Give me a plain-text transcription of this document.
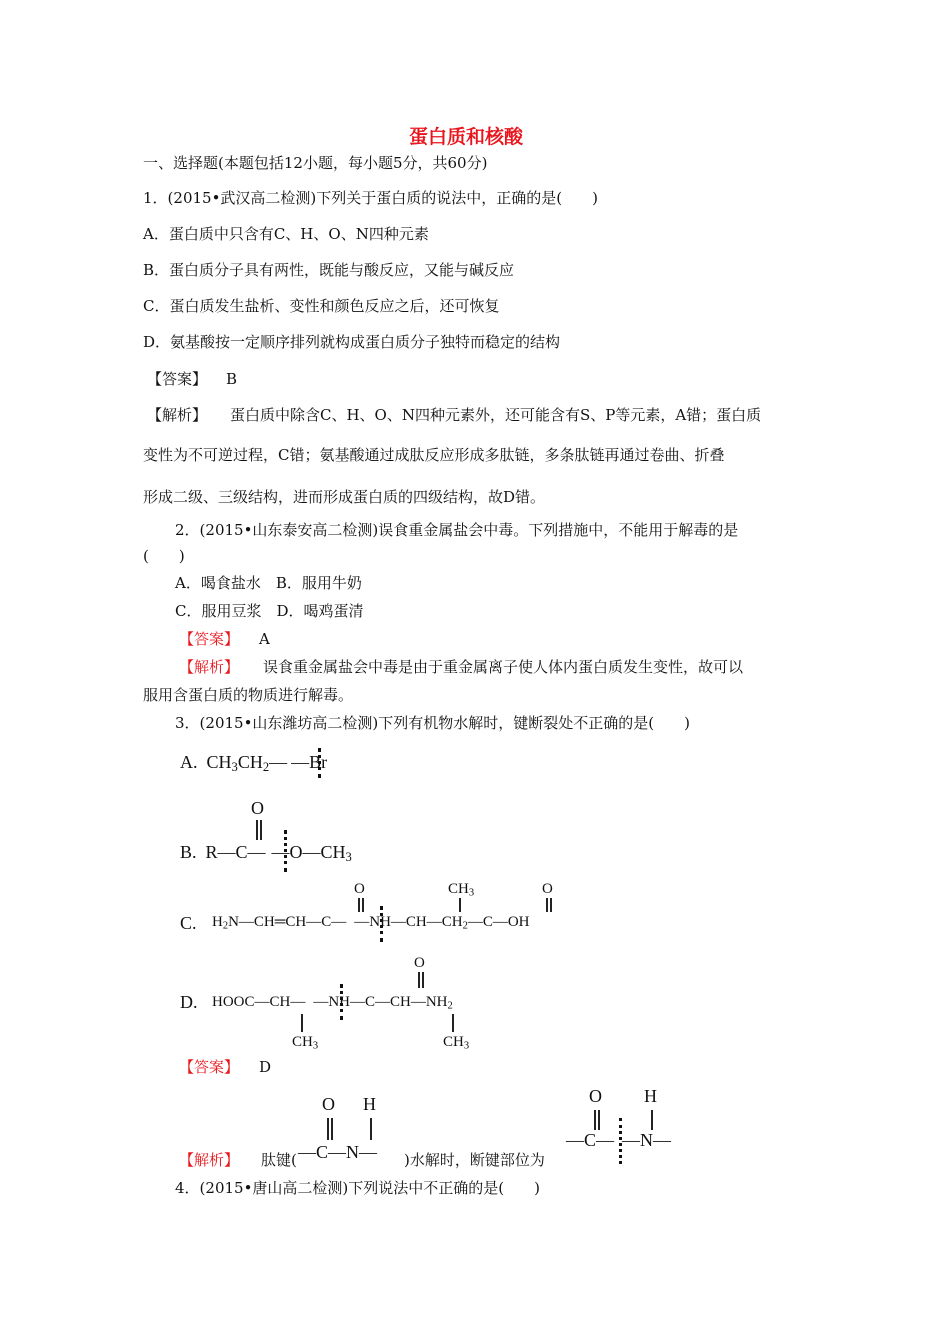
蛋白质和核酸
一、选择题(本题包括12小题，每小题5分，共60分)
1．(2015•武汉高二检测)下列关于蛋白质的说法中，正确的是(　　)
A．蛋白质中只含有C、H、O、N四种元素
B．蛋白质分子具有两性，既能与酸反应，又能与碱反应
C．蛋白质发生盐析、变性和颜色反应之后，还可恢复
D．氨基酸按一定顺序排列就构成蛋白质分子独特而稳定的结构
【答案】 B
【解析】 蛋白质中除含C、H、O、N四种元素外，还可能含有S、P等元素，A错；蛋白质
变性为不可逆过程，C错；氨基酸通过成肽反应形成多肽链，多条肽链再通过卷曲、折叠
形成二级、三级结构，进而形成蛋白质的四级结构，故D错。
2．(2015•山东泰安高二检测)误食重金属盐会中毒。下列措施中，不能用于解毒的是
(　　)
A．喝食盐水　B．服用牛奶
C．服用豆浆　D．喝鸡蛋清
【答案】 A
【解析】 误食重金属盐会中毒是由于重金属离子使人体内蛋白质发生变性，故可以
服用含蛋白质的物质进行解毒。
3．(2015•山东潍坊高二检测)下列有机物水解时，键断裂处不正确的是(　　)
A.  $CH_3CH_2—$ —Br
O
B.  R—C— $—O—CH_3$
O	$CH_3$	O
C. $H_2N—CH═CH—C—$ $—NH—CH—CH_2—C—OH$
O
D. HOOC—CH— $—NH—C—CH—NH_2$
$CH_3$	$CH_3$
【答案】 D
【解析】 肽键(
O H
—C—N— )水解时，断键部位为
O H
—C— —N—
4．(2015•唐山高二检测)下列说法中不正确的是(　　)
